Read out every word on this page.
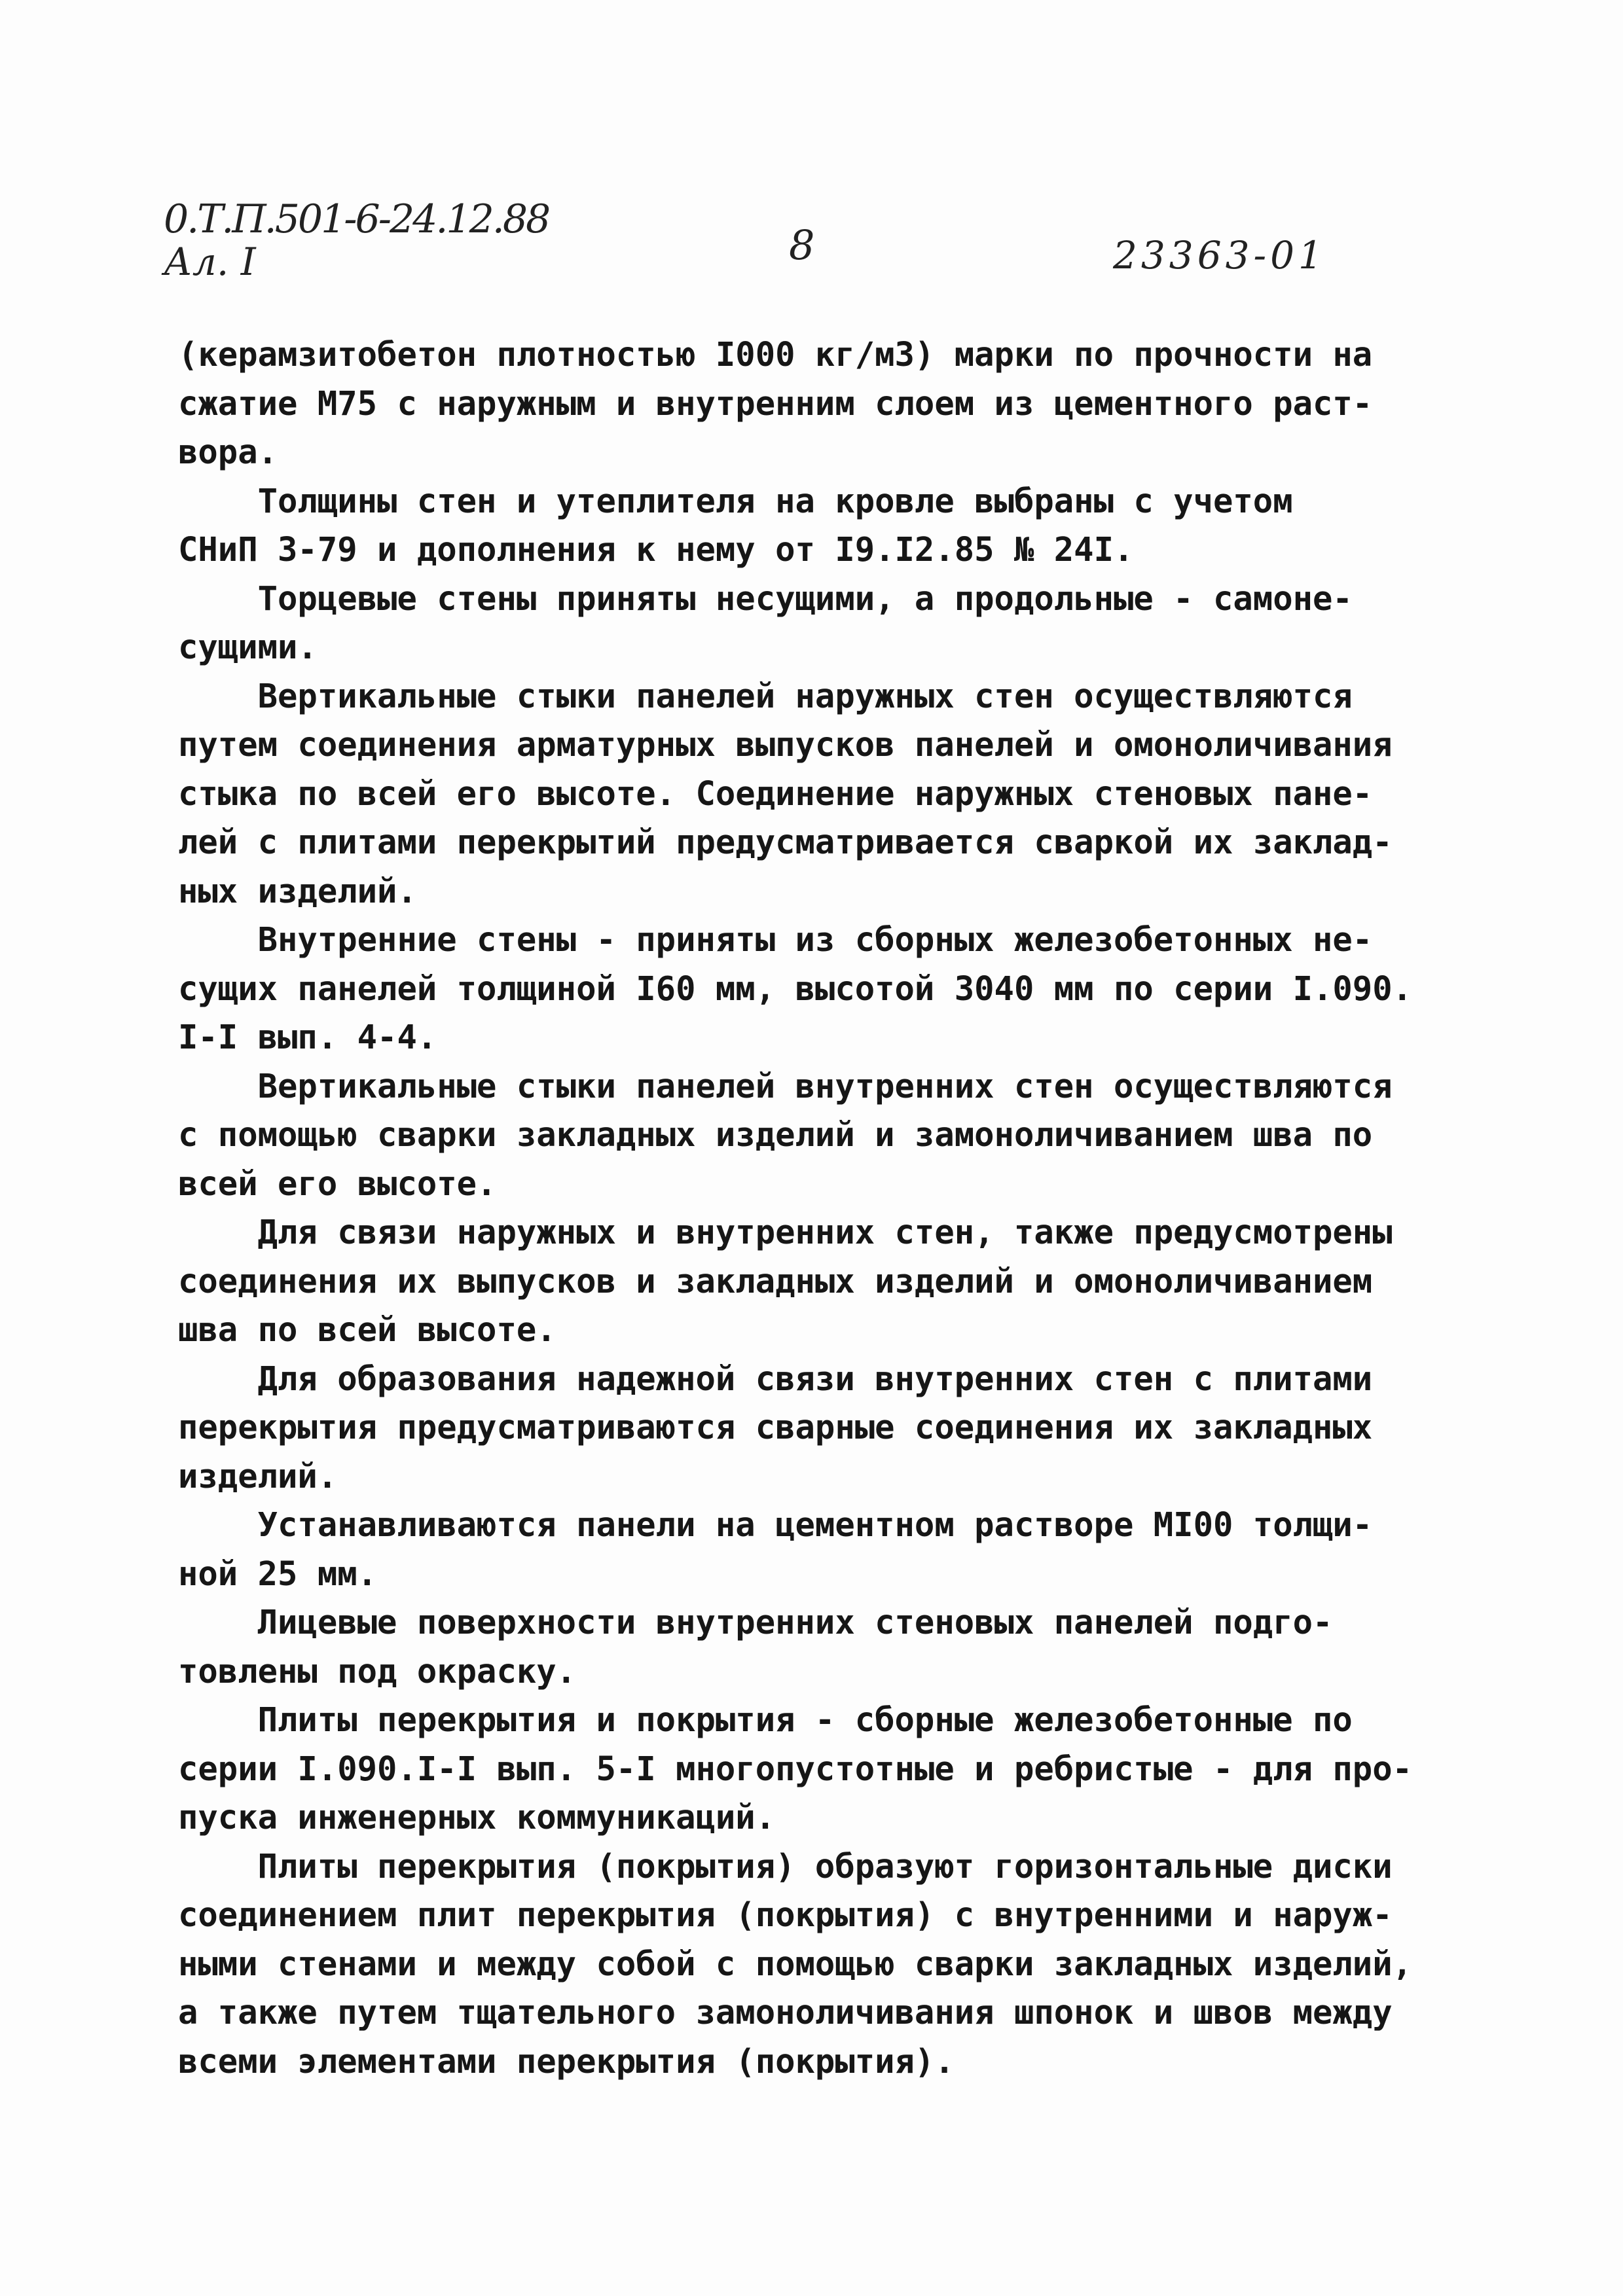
0.Т.П.501-6-24.12.88
Ал. I	8	23363-01
(керамзитобетон плотностью I000 кг/м3) марки по прочности на
сжатие М75 с наружным и внутренним слоем из цементного раст-
вора.
Толщины стен и утеплителя на кровле выбраны с учетом
СНиП 3-79 и дополнения к нему от I9.I2.85 № 24I.
Торцевые стены приняты несущими, а продольные - самоне-
сущими.
Вертикальные стыки панелей наружных стен осуществляются
путем соединения арматурных выпусков панелей и омоноличивания
стыка по всей его высоте. Соединение наружных стеновых пане-
лей с плитами перекрытий предусматривается сваркой их заклад-
ных изделий.
Внутренние стены - приняты из сборных железобетонных не-
сущих панелей толщиной I60 мм, высотой 3040 мм по серии I.090.
I-I вып. 4-4.
Вертикальные стыки панелей внутренних стен осуществляются
с помощью сварки закладных изделий и замоноличиванием шва по
всей его высоте.
Для связи наружных и внутренних стен, также предусмотрены
соединения их выпусков и закладных изделий и омоноличиванием
шва по всей высоте.
Для образования надежной связи внутренних стен с плитами
перекрытия предусматриваются сварные соединения их закладных
изделий.
Устанавливаются панели на цементном растворе МI00 толщи-
ной 25 мм.
Лицевые поверхности внутренних стеновых панелей подго-
товлены под окраску.
Плиты перекрытия и покрытия - сборные железобетонные по
серии I.090.I-I вып. 5-I многопустотные и ребристые - для про-
пуска инженерных коммуникаций.
Плиты перекрытия (покрытия) образуют горизонтальные диски
соединением плит перекрытия (покрытия) с внутренними и наруж-
ными стенами и между собой с помощью сварки закладных изделий,
а также путем тщательного замоноличивания шпонок и швов между
всеми элементами перекрытия (покрытия).
